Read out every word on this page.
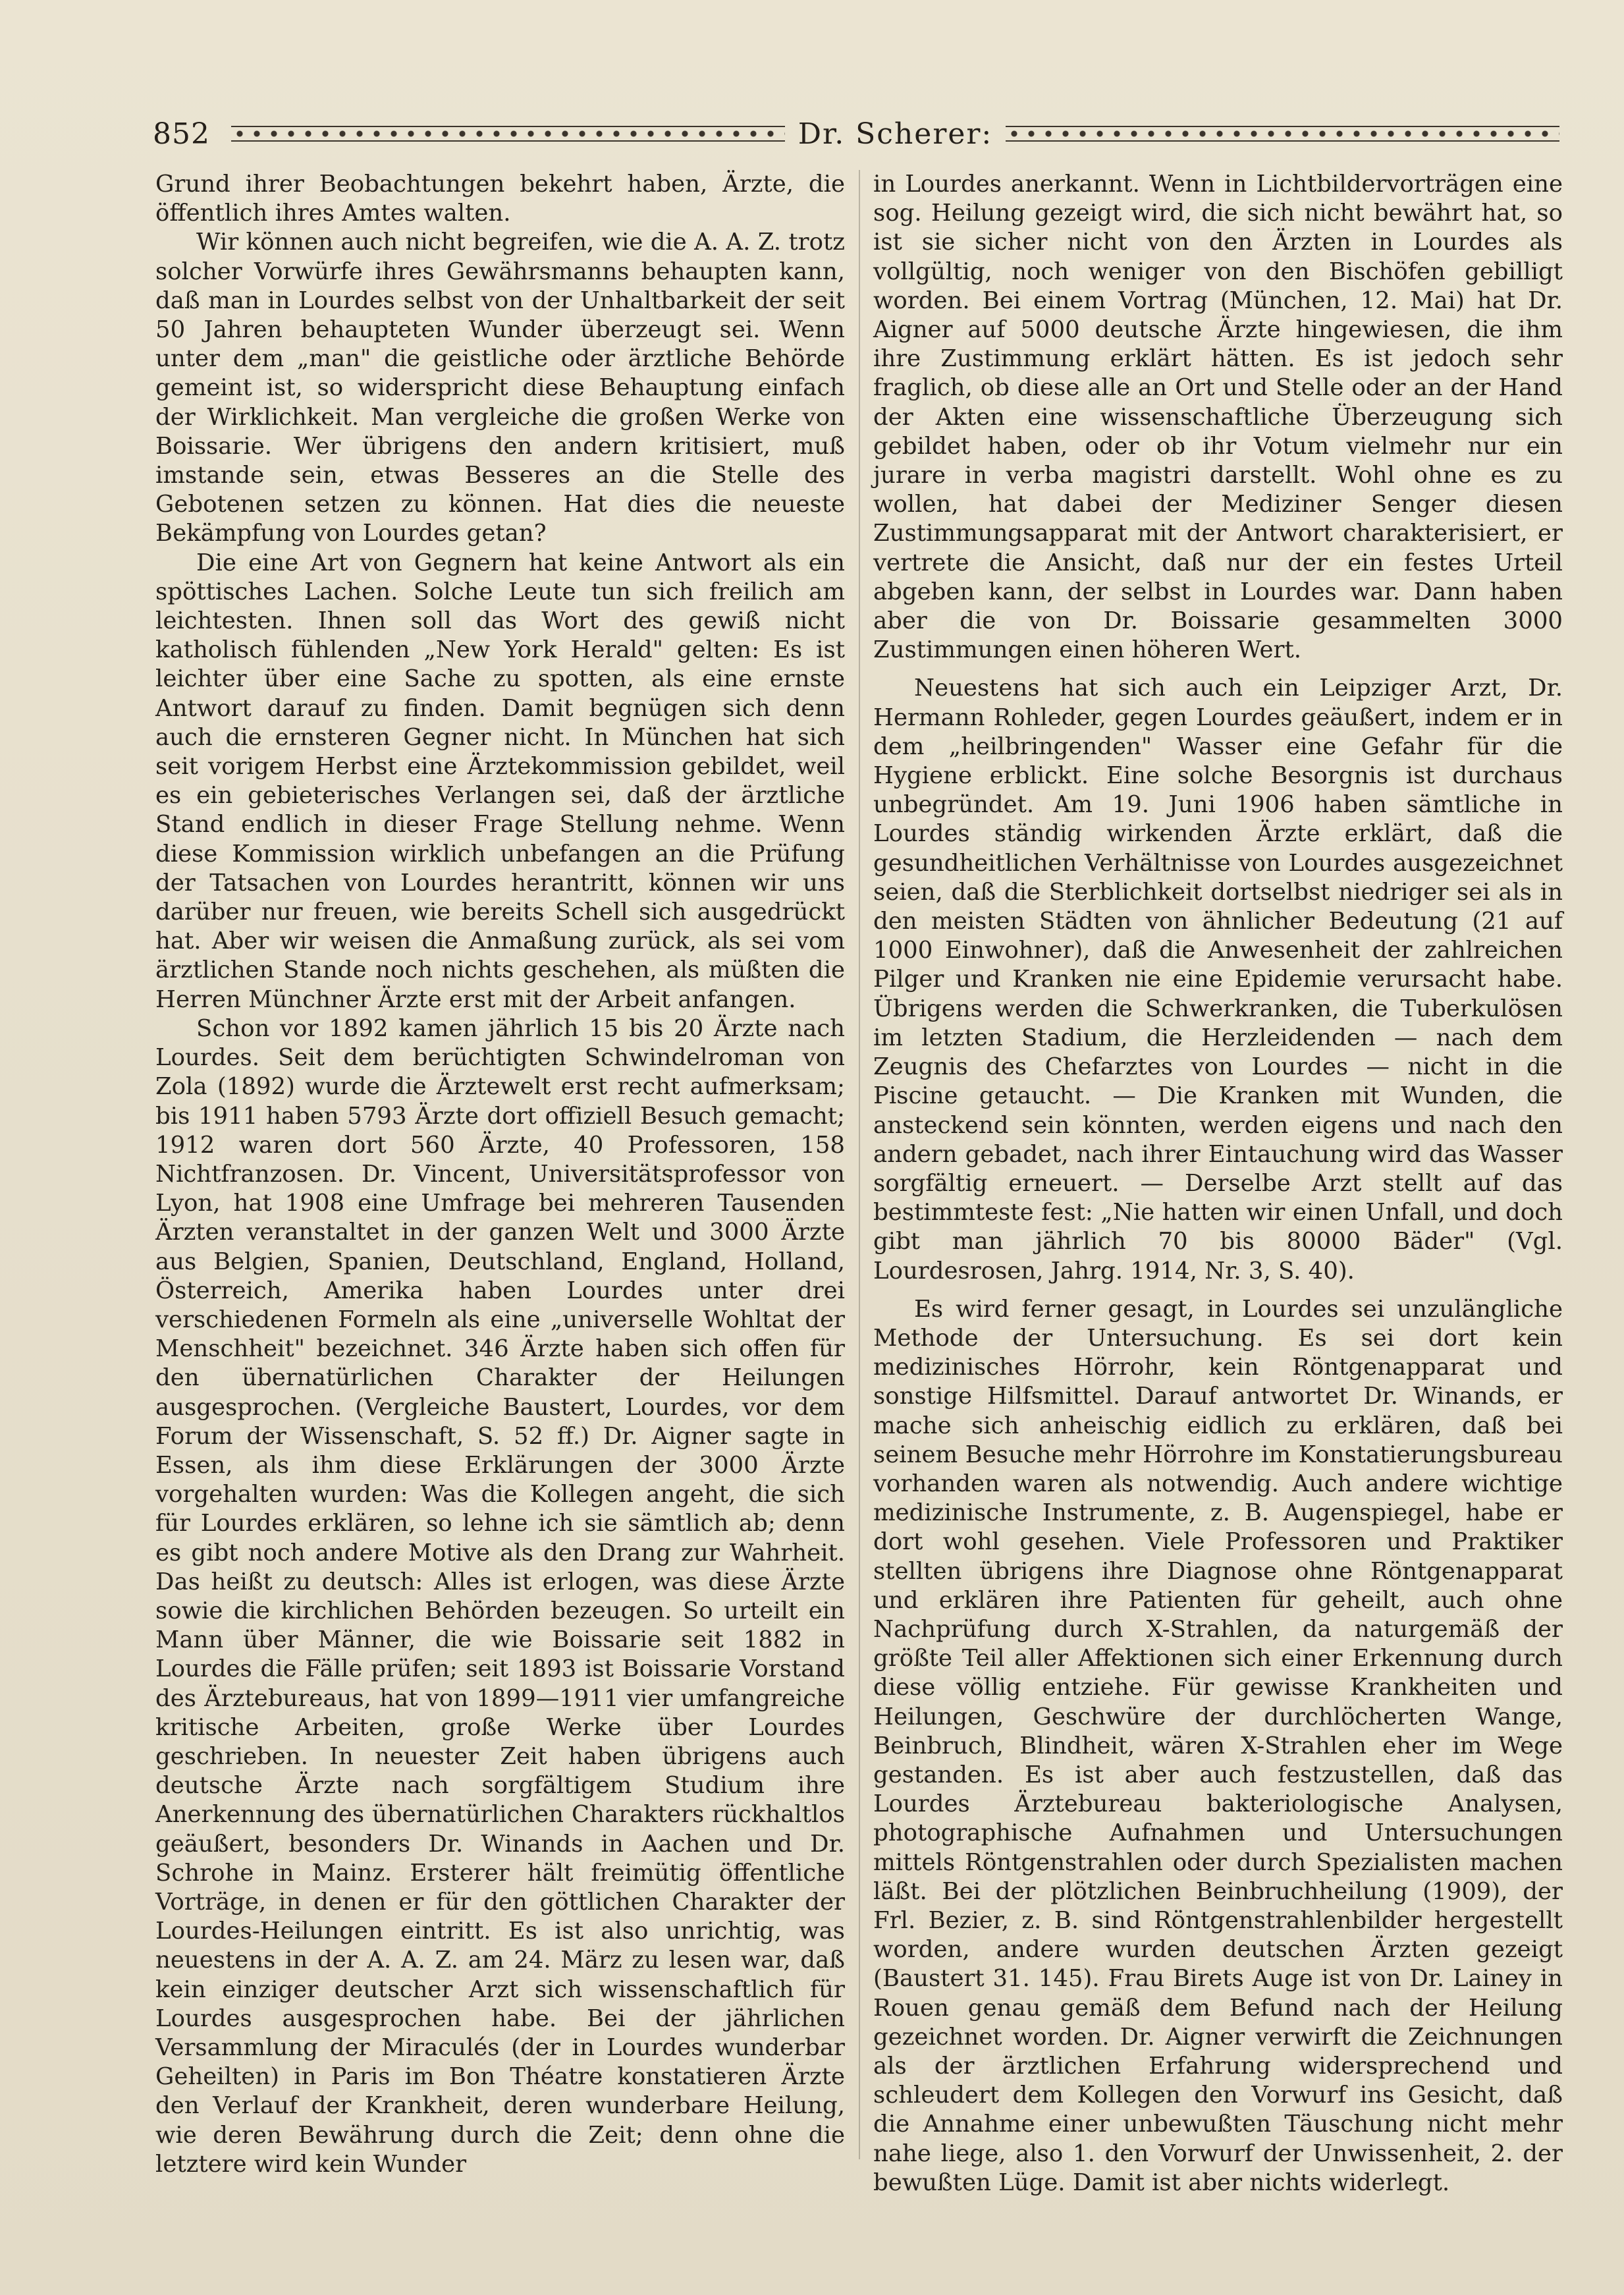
852	Dr. Scherer:

Grund ihrer Beobachtungen bekehrt haben, Ärzte, die öffentlich ihres Amtes walten.

Wir können auch nicht begreifen, wie die A. A. Z. trotz solcher Vorwürfe ihres Gewährsmanns behaupten kann, daß man in Lourdes selbst von der Unhaltbarkeit der seit 50 Jahren behaupteten Wunder überzeugt sei. Wenn unter dem „man" die geistliche oder ärztliche Behörde gemeint ist, so widerspricht diese Behauptung einfach der Wirklichkeit. Man vergleiche die großen Werke von Boissarie. Wer übrigens den andern kritisiert, muß imstande sein, etwas Besseres an die Stelle des Gebotenen setzen zu können. Hat dies die neueste Bekämpfung von Lourdes getan?

Die eine Art von Gegnern hat keine Antwort als ein spöttisches Lachen. Solche Leute tun sich freilich am leichtesten. Ihnen soll das Wort des gewiß nicht katholisch fühlenden „New York Herald" gelten: Es ist leichter über eine Sache zu spotten, als eine ernste Antwort darauf zu finden. Damit begnügen sich denn auch die ernsteren Gegner nicht. In München hat sich seit vorigem Herbst eine Ärztekommission gebildet, weil es ein gebieterisches Verlangen sei, daß der ärztliche Stand endlich in dieser Frage Stellung nehme. Wenn diese Kommission wirklich unbefangen an die Prüfung der Tatsachen von Lourdes herantritt, können wir uns darüber nur freuen, wie bereits Schell sich ausgedrückt hat. Aber wir weisen die Anmaßung zurück, als sei vom ärztlichen Stande noch nichts geschehen, als müßten die Herren Münchner Ärzte erst mit der Arbeit anfangen.

Schon vor 1892 kamen jährlich 15 bis 20 Ärzte nach Lourdes. Seit dem berüchtigten Schwindelroman von Zola (1892) wurde die Ärztewelt erst recht aufmerksam; bis 1911 haben 5793 Ärzte dort offiziell Besuch gemacht; 1912 waren dort 560 Ärzte, 40 Professoren, 158 Nichtfranzosen. Dr. Vincent, Universitätsprofessor von Lyon, hat 1908 eine Umfrage bei mehreren Tausenden Ärzten veranstaltet in der ganzen Welt und 3000 Ärzte aus Belgien, Spanien, Deutschland, England, Holland, Österreich, Amerika haben Lourdes unter drei verschiedenen Formeln als eine „universelle Wohltat der Menschheit" bezeichnet. 346 Ärzte haben sich offen für den übernatürlichen Charakter der Heilungen ausgesprochen. (Vergleiche Baustert, Lourdes, vor dem Forum der Wissenschaft, S. 52 ff.) Dr. Aigner sagte in Essen, als ihm diese Erklärungen der 3000 Ärzte vorgehalten wurden: Was die Kollegen angeht, die sich für Lourdes erklären, so lehne ich sie sämtlich ab; denn es gibt noch andere Motive als den Drang zur Wahrheit. Das heißt zu deutsch: Alles ist erlogen, was diese Ärzte sowie die kirchlichen Behörden bezeugen. So urteilt ein Mann über Männer, die wie Boissarie seit 1882 in Lourdes die Fälle prüfen; seit 1893 ist Boissarie Vorstand des Ärztebureaus, hat von 1899—1911 vier umfangreiche kritische Arbeiten, große Werke über Lourdes geschrieben. In neuester Zeit haben übrigens auch deutsche Ärzte nach sorgfältigem Studium ihre Anerkennung des übernatürlichen Charakters rückhaltlos geäußert, besonders Dr. Winands in Aachen und Dr. Schrohe in Mainz. Ersterer hält freimütig öffentliche Vorträge, in denen er für den göttlichen Charakter der Lourdes-Heilungen eintritt. Es ist also unrichtig, was neuestens in der A. A. Z. am 24. März zu lesen war, daß kein einziger deutscher Arzt sich wissenschaftlich für Lourdes ausgesprochen habe. Bei der jährlichen Versammlung der Miraculés (der in Lourdes wunderbar Geheilten) in Paris im Bon Théatre konstatieren Ärzte den Verlauf der Krankheit, deren wunderbare Heilung, wie deren Bewährung durch die Zeit; denn ohne die letztere wird kein Wunder

in Lourdes anerkannt. Wenn in Lichtbildervorträgen eine sog. Heilung gezeigt wird, die sich nicht bewährt hat, so ist sie sicher nicht von den Ärzten in Lourdes als vollgültig, noch weniger von den Bischöfen gebilligt worden. Bei einem Vortrag (München, 12. Mai) hat Dr. Aigner auf 5000 deutsche Ärzte hingewiesen, die ihm ihre Zustimmung erklärt hätten. Es ist jedoch sehr fraglich, ob diese alle an Ort und Stelle oder an der Hand der Akten eine wissenschaftliche Überzeugung sich gebildet haben, oder ob ihr Votum vielmehr nur ein jurare in verba magistri darstellt. Wohl ohne es zu wollen, hat dabei der Mediziner Senger diesen Zustimmungsapparat mit der Antwort charakterisiert, er vertrete die Ansicht, daß nur der ein festes Urteil abgeben kann, der selbst in Lourdes war. Dann haben aber die von Dr. Boissarie gesammelten 3000 Zustimmungen einen höheren Wert.

Neuestens hat sich auch ein Leipziger Arzt, Dr. Hermann Rohleder, gegen Lourdes geäußert, indem er in dem „heilbringenden" Wasser eine Gefahr für die Hygiene erblickt. Eine solche Besorgnis ist durchaus unbegründet. Am 19. Juni 1906 haben sämtliche in Lourdes ständig wirkenden Ärzte erklärt, daß die gesundheitlichen Verhältnisse von Lourdes ausgezeichnet seien, daß die Sterblichkeit dortselbst niedriger sei als in den meisten Städten von ähnlicher Bedeutung (21 auf 1000 Einwohner), daß die Anwesenheit der zahlreichen Pilger und Kranken nie eine Epidemie verursacht habe. Übrigens werden die Schwerkranken, die Tuberkulösen im letzten Stadium, die Herzleidenden — nach dem Zeugnis des Chefarztes von Lourdes — nicht in die Piscine getaucht. — Die Kranken mit Wunden, die ansteckend sein könnten, werden eigens und nach den andern gebadet, nach ihrer Eintauchung wird das Wasser sorgfältig erneuert. — Derselbe Arzt stellt auf das bestimmteste fest: „Nie hatten wir einen Unfall, und doch gibt man jährlich 70 bis 80000 Bäder" (Vgl. Lourdesrosen, Jahrg. 1914, Nr. 3, S. 40).

Es wird ferner gesagt, in Lourdes sei unzulängliche Methode der Untersuchung. Es sei dort kein medizinisches Hörrohr, kein Röntgenapparat und sonstige Hilfsmittel. Darauf antwortet Dr. Winands, er mache sich anheischig eidlich zu erklären, daß bei seinem Besuche mehr Hörrohre im Konstatierungsbureau vorhanden waren als notwendig. Auch andere wichtige medizinische Instrumente, z. B. Augenspiegel, habe er dort wohl gesehen. Viele Professoren und Praktiker stellten übrigens ihre Diagnose ohne Röntgenapparat und erklären ihre Patienten für geheilt, auch ohne Nachprüfung durch X-Strahlen, da naturgemäß der größte Teil aller Affektionen sich einer Erkennung durch diese völlig entziehe. Für gewisse Krankheiten und Heilungen, Geschwüre der durchlöcherten Wange, Beinbruch, Blindheit, wären X-Strahlen eher im Wege gestanden. Es ist aber auch festzustellen, daß das Lourdes Ärztebureau bakteriologische Analysen, photographische Aufnahmen und Untersuchungen mittels Röntgenstrahlen oder durch Spezialisten machen läßt. Bei der plötzlichen Beinbruchheilung (1909), der Frl. Bezier, z. B. sind Röntgenstrahlenbilder hergestellt worden, andere wurden deutschen Ärzten gezeigt (Baustert 31. 145). Frau Birets Auge ist von Dr. Lainey in Rouen genau gemäß dem Befund nach der Heilung gezeichnet worden. Dr. Aigner verwirft die Zeichnungen als der ärztlichen Erfahrung widersprechend und schleudert dem Kollegen den Vorwurf ins Gesicht, daß die Annahme einer unbewußten Täuschung nicht mehr nahe liege, also 1. den Vorwurf der Unwissenheit, 2. der bewußten Lüge. Damit ist aber nichts widerlegt.
